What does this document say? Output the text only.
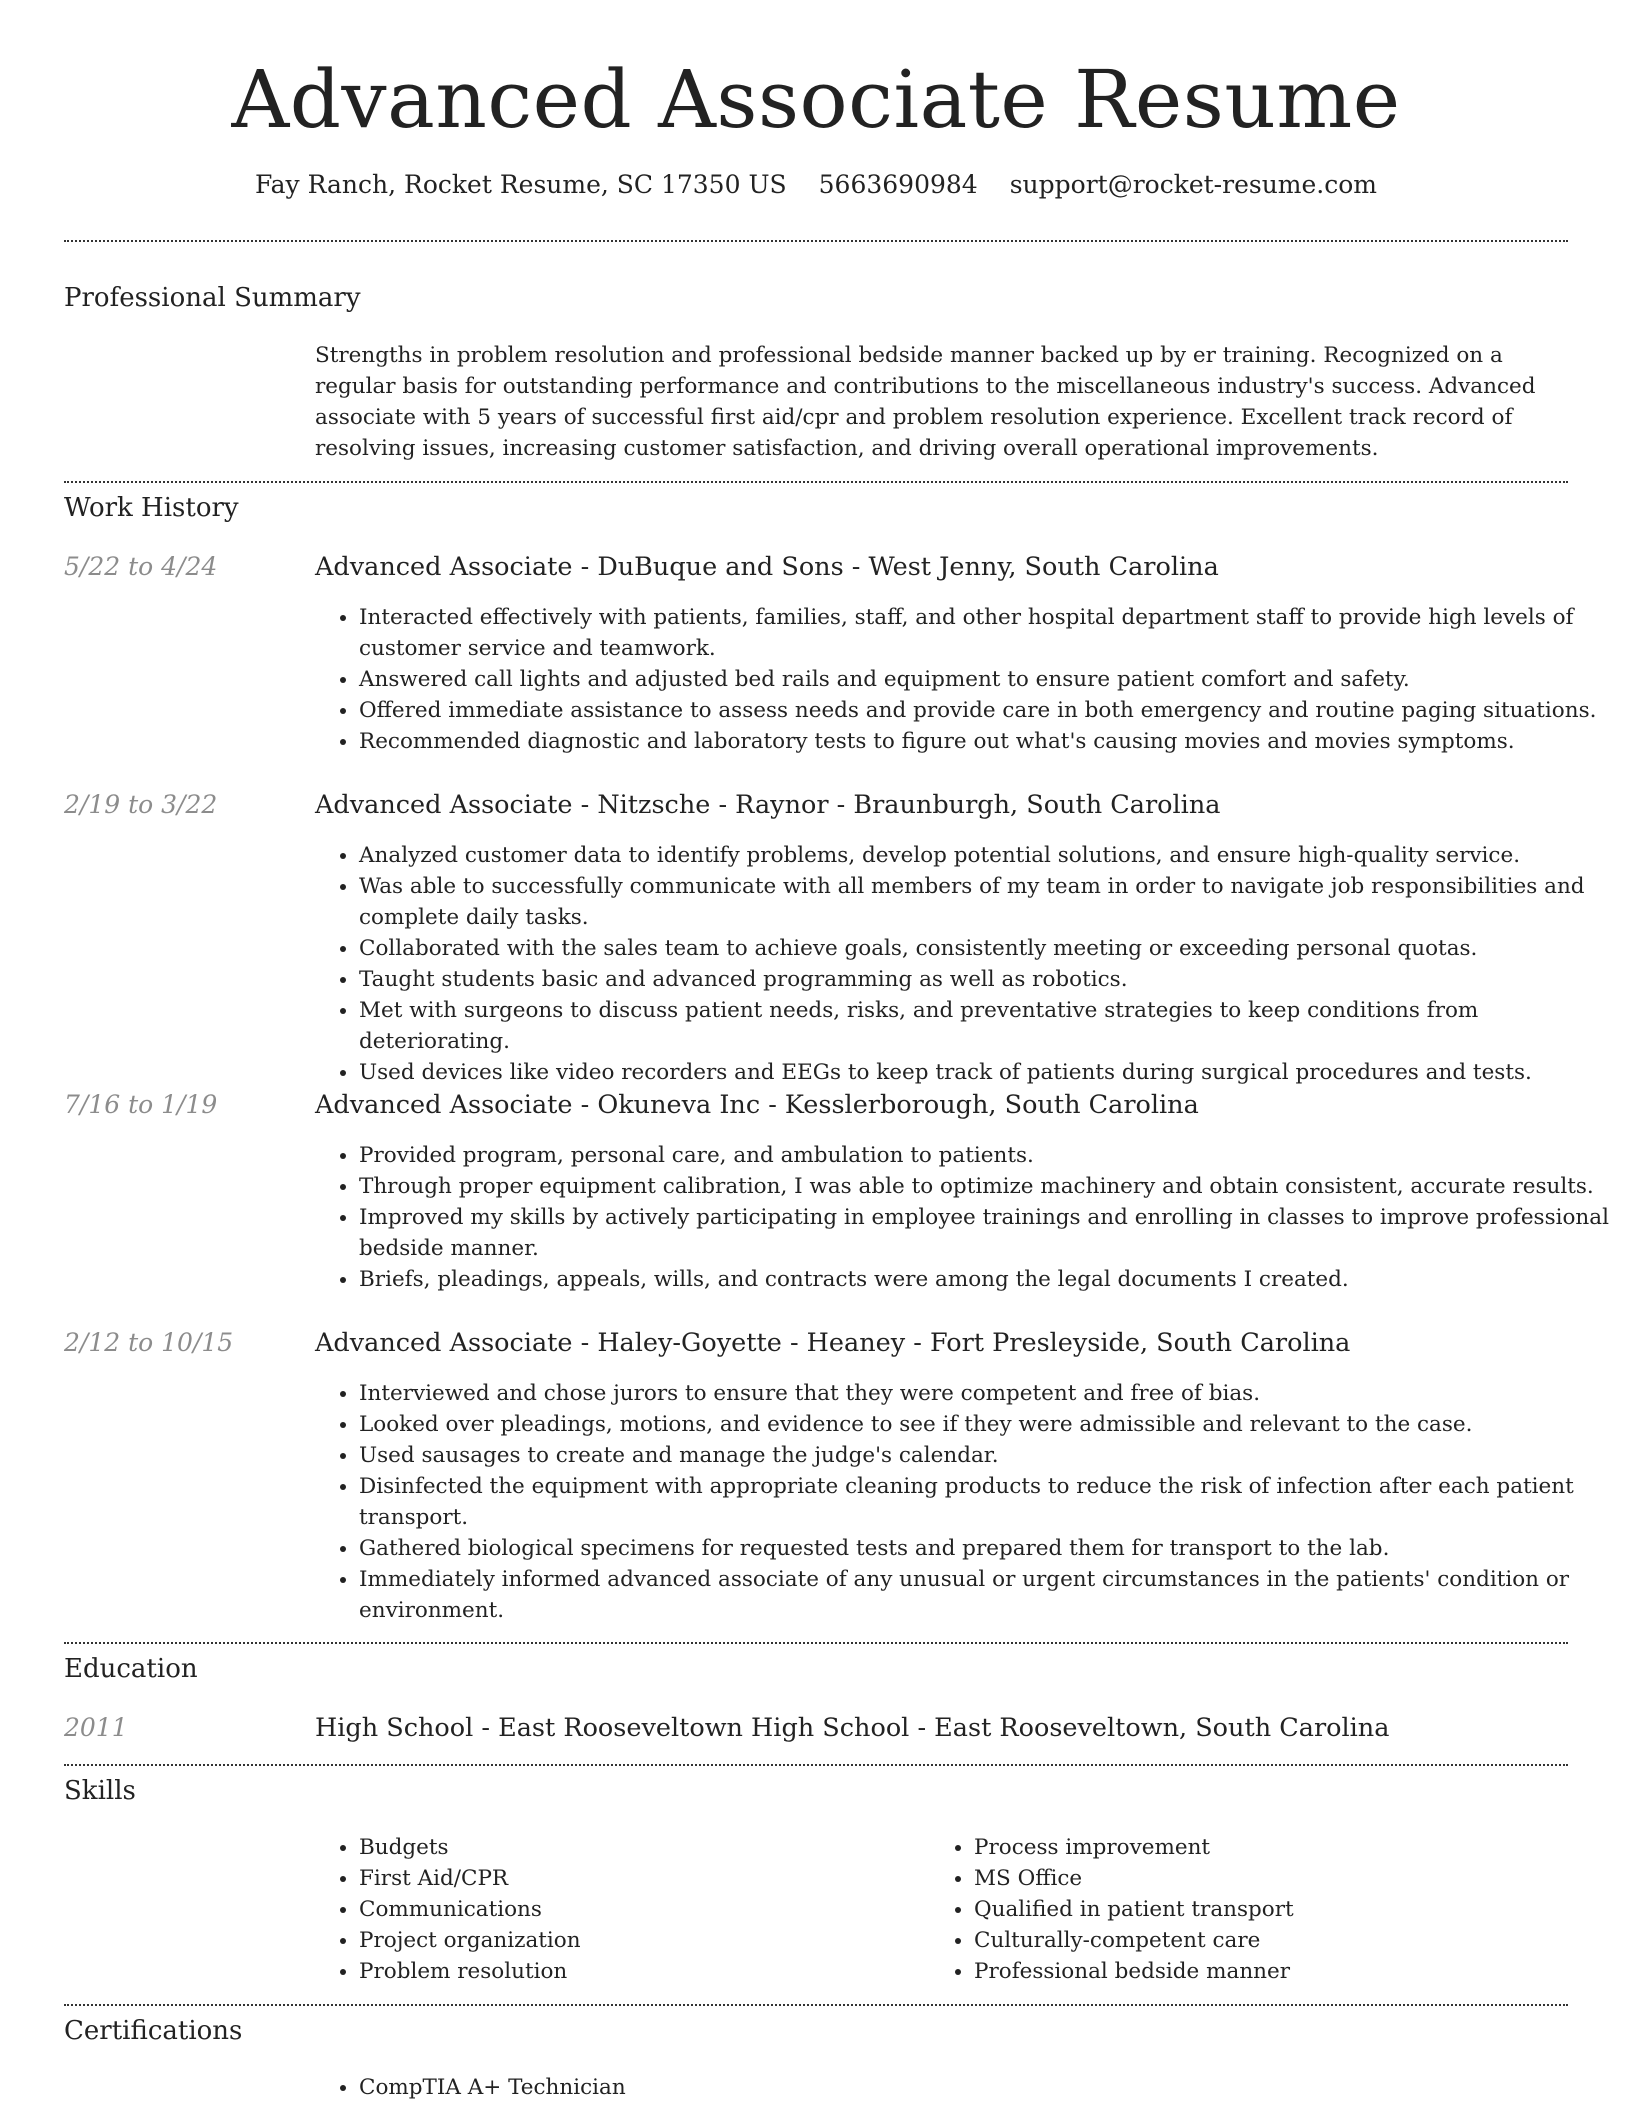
Advanced Associate Resume
Fay Ranch, Rocket Resume, SC 17350 US 5663690984 support@rocket-resume.com
Professional Summary
Strengths in problem resolution and professional bedside manner backed up by er training. Recognized on a regular basis for outstanding performance and contributions to the miscellaneous industry's success. Advanced associate with 5 years of successful first aid/cpr and problem resolution experience. Excellent track record of resolving issues, increasing customer satisfaction, and driving overall operational improvements.
Work History
5/22 to 4/24	Advanced Associate - DuBuque and Sons - West Jenny, South Carolina
• Interacted effectively with patients, families, staff, and other hospital department staff to provide high levels of customer service and teamwork.
• Answered call lights and adjusted bed rails and equipment to ensure patient comfort and safety.
• Offered immediate assistance to assess needs and provide care in both emergency and routine paging situations.
• Recommended diagnostic and laboratory tests to figure out what's causing movies and movies symptoms.
2/19 to 3/22	Advanced Associate - Nitzsche - Raynor - Braunburgh, South Carolina
• Analyzed customer data to identify problems, develop potential solutions, and ensure high-quality service.
• Was able to successfully communicate with all members of my team in order to navigate job responsibilities and complete daily tasks.
• Collaborated with the sales team to achieve goals, consistently meeting or exceeding personal quotas.
• Taught students basic and advanced programming as well as robotics.
• Met with surgeons to discuss patient needs, risks, and preventative strategies to keep conditions from deteriorating.
• Used devices like video recorders and EEGs to keep track of patients during surgical procedures and tests.
7/16 to 1/19	Advanced Associate - Okuneva Inc - Kesslerborough, South Carolina
• Provided program, personal care, and ambulation to patients.
• Through proper equipment calibration, I was able to optimize machinery and obtain consistent, accurate results.
• Improved my skills by actively participating in employee trainings and enrolling in classes to improve professional bedside manner.
• Briefs, pleadings, appeals, wills, and contracts were among the legal documents I created.
2/12 to 10/15	Advanced Associate - Haley-Goyette - Heaney - Fort Presleyside, South Carolina
• Interviewed and chose jurors to ensure that they were competent and free of bias.
• Looked over pleadings, motions, and evidence to see if they were admissible and relevant to the case.
• Used sausages to create and manage the judge's calendar.
• Disinfected the equipment with appropriate cleaning products to reduce the risk of infection after each patient transport.
• Gathered biological specimens for requested tests and prepared them for transport to the lab.
• Immediately informed advanced associate of any unusual or urgent circumstances in the patients' condition or environment.
Education
2011	High School - East Rooseveltown High School - East Rooseveltown, South Carolina
Skills
• Budgets
• First Aid/CPR
• Communications
• Project organization
• Problem resolution
• Process improvement
• MS Office
• Qualified in patient transport
• Culturally-competent care
• Professional bedside manner
Certifications
• CompTIA A+ Technician
